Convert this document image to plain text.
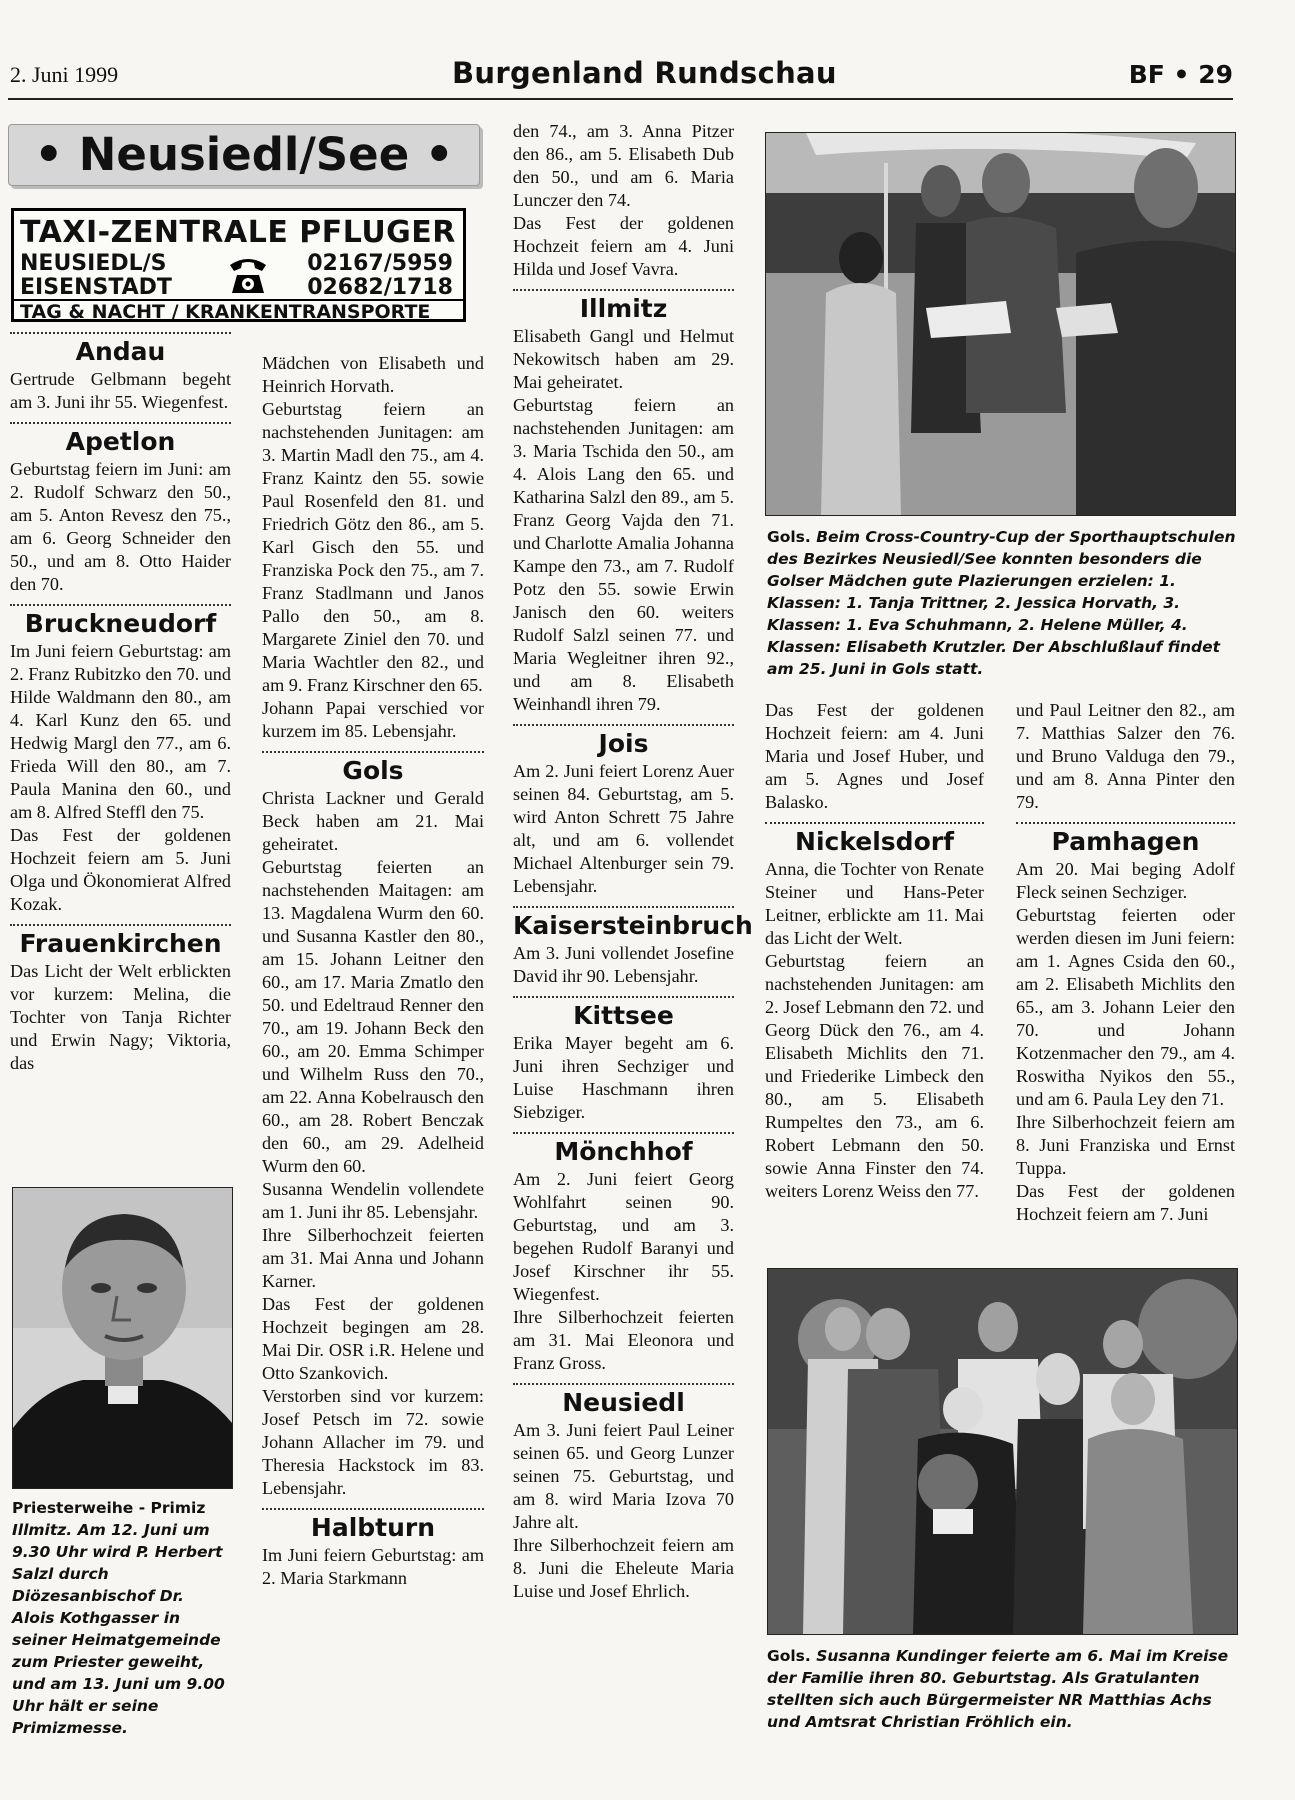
2. Juni 1999	Burgenland Rundschau	BF • 29
• Neusiedl/See •
TAXI-ZENTRALE PFLUGER
NEUSIEDL/S	02167/5959
EISENSTADT	02682/1718
TAG & NACHT / KRANKENTRANSPORTE
Andau

Gertrude Gelbmann begeht am 3. Juni ihr 55. Wiegenfest.

Apetlon

Geburtstag feiern im Juni: am 2. Rudolf Schwarz den 50., am 5. Anton Revesz den 75., am 6. Georg Schneider den 50., und am 8. Otto Haider den 70.

Bruckneudorf

Im Juni feiern Geburtstag: am 2. Franz Rubitzko den 70. und Hilde Waldmann den 80., am 4. Karl Kunz den 65. und Hedwig Margl den 77., am 6. Frieda Will den 80., am 7. Paula Manina den 60., und am 8. Alfred Steffl den 75.

Das Fest der goldenen Hochzeit feiern am 5. Juni Olga und Ökonomierat Alfred Kozak.

Frauenkirchen

Das Licht der Welt erblickten vor kurzem: Melina, die Tochter von Tanja Richter und Erwin Nagy; Viktoria, das

Priesterweihe - Primiz
Illmitz. Am 12. Juni um 9.30 Uhr wird P. Herbert Salzl durch Diözesanbischof Dr. Alois Kothgasser in seiner Heimatgemeinde zum Priester geweiht, und am 13. Juni um 9.00 Uhr hält er seine Primizmesse.

Mädchen von Elisabeth und Heinrich Horvath.

Geburtstag feiern an nachstehenden Junitagen: am 3. Martin Madl den 75., am 4. Franz Kaintz den 55. sowie Paul Rosenfeld den 81. und Friedrich Götz den 86., am 5. Karl Gisch den 55. und Franziska Pock den 75., am 7. Franz Stadlmann und Janos Pallo den 50., am 8. Margarete Ziniel den 70. und Maria Wachtler den 82., und am 9. Franz Kirschner den 65.

Johann Papai verschied vor kurzem im 85. Lebensjahr.

Gols

Christa Lackner und Gerald Beck haben am 21. Mai geheiratet.

Geburtstag feierten an nachstehenden Maitagen: am 13. Magdalena Wurm den 60. und Susanna Kastler den 80., am 15. Johann Leitner den 60., am 17. Maria Zmatlo den 50. und Edeltraud Renner den 70., am 19. Johann Beck den 60., am 20. Emma Schimper und Wilhelm Russ den 70., am 22. Anna Kobelrausch den 60., am 28. Robert Benczak den 60., am 29. Adelheid Wurm den 60.

Susanna Wendelin vollendete am 1. Juni ihr 85. Lebensjahr.

Ihre Silberhochzeit feierten am 31. Mai Anna und Johann Karner.

Das Fest der goldenen Hochzeit begingen am 28. Mai Dir. OSR i.R. Helene und Otto Szankovich.

Verstorben sind vor kurzem: Josef Petsch im 72. sowie Johann Allacher im 79. und Theresia Hackstock im 83. Lebensjahr.

Halbturn

Im Juni feiern Geburtstag: am 2. Maria Starkmann

den 74., am 3. Anna Pitzer den 86., am 5. Elisabeth Dub den 50., und am 6. Maria Lunczer den 74.

Das Fest der goldenen Hochzeit feiern am 4. Juni Hilda und Josef Vavra.

Illmitz

Elisabeth Gangl und Helmut Nekowitsch haben am 29. Mai geheiratet.

Geburtstag feiern an nachstehenden Junitagen: am 3. Maria Tschida den 50., am 4. Alois Lang den 65. und Katharina Salzl den 89., am 5. Franz Georg Vajda den 71. und Charlotte Amalia Johanna Kampe den 73., am 7. Rudolf Potz den 55. sowie Erwin Janisch den 60. weiters Rudolf Salzl seinen 77. und Maria Wegleitner ihren 92., und am 8. Elisabeth Weinhandl ihren 79.

Jois

Am 2. Juni feiert Lorenz Auer seinen 84. Geburtstag, am 5. wird Anton Schrett 75 Jahre alt, und am 6. vollendet Michael Altenburger sein 79. Lebensjahr.

Kaisersteinbruch

Am 3. Juni vollendet Josefine David ihr 90. Lebensjahr.

Kittsee

Erika Mayer begeht am 6. Juni ihren Sechziger und Luise Haschmann ihren Siebziger.

Mönchhof

Am 2. Juni feiert Georg Wohlfahrt seinen 90. Geburtstag, und am 3. begehen Rudolf Baranyi und Josef Kirschner ihr 55. Wiegenfest.

Ihre Silberhochzeit feierten am 31. Mai Eleonora und Franz Gross.

Neusiedl

Am 3. Juni feiert Paul Leiner seinen 65. und Georg Lunzer seinen 75. Geburtstag, und am 8. wird Maria Izova 70 Jahre alt.

Ihre Silberhochzeit feiern am 8. Juni die Eheleute Maria Luise und Josef Ehrlich.

Gols. Beim Cross-Country-Cup der Sporthauptschulen des Bezirkes Neusiedl/See konnten besonders die Golser Mädchen gute Plazierungen erzielen: 1. Klassen: 1. Tanja Trittner, 2. Jessica Horvath, 3. Klassen: 1. Eva Schuhmann, 2. Helene Müller, 4. Klassen: Elisabeth Krutzler. Der Abschlußlauf findet am 25. Juni in Gols statt.

Das Fest der goldenen Hochzeit feiern: am 4. Juni Maria und Josef Huber, und am 5. Agnes und Josef Balasko.

Nickelsdorf

Anna, die Tochter von Renate Steiner und Hans-Peter Leitner, erblickte am 11. Mai das Licht der Welt.

Geburtstag feiern an nachstehenden Junitagen: am 2. Josef Lebmann den 72. und Georg Dück den 76., am 4. Elisabeth Michlits den 71. und Friederike Limbeck den 80., am 5. Elisabeth Rumpeltes den 73., am 6. Robert Lebmann den 50. sowie Anna Finster den 74. weiters Lorenz Weiss den 77.

und Paul Leitner den 82., am 7. Matthias Salzer den 76. und Bruno Valduga den 79., und am 8. Anna Pinter den 79.

Pamhagen

Am 20. Mai beging Adolf Fleck seinen Sechziger.

Geburtstag feierten oder werden diesen im Juni feiern: am 1. Agnes Csida den 60., am 2. Elisabeth Michlits den 65., am 3. Johann Leier den 70. und Johann Kotzenmacher den 79., am 4. Roswitha Nyikos den 55., und am 6. Paula Ley den 71.

Ihre Silberhochzeit feiern am 8. Juni Franziska und Ernst Tuppa.

Das Fest der goldenen Hochzeit feiern am 7. Juni

Gols. Susanna Kundinger feierte am 6. Mai im Kreise der Familie ihren 80. Geburtstag. Als Gratulanten stellten sich auch Bürgermeister NR Matthias Achs und Amtsrat Christian Fröhlich ein.
